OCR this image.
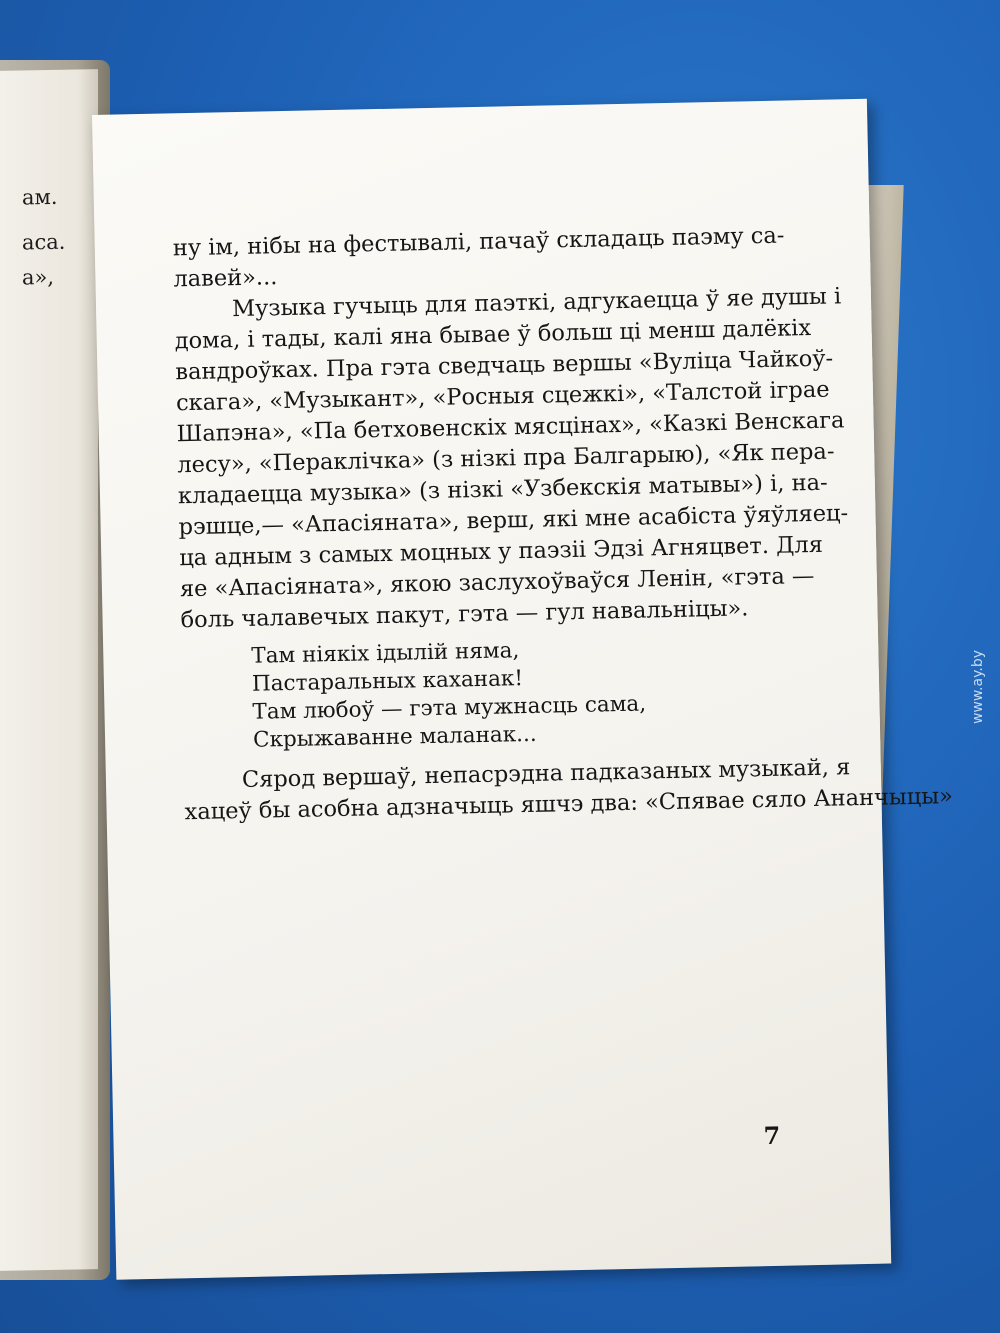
www.ay.by
ам.
аса.
а»,

ну ім, нібы на фестывалі, пачаў складаць паэму са-
лавей»...

Музыка гучыць для паэткі, адгукаецца ў яе душы і
дома, і тады, калі яна бывае ў больш ці менш далёкіх
вандроўках. Пра гэта сведчаць вершы «Вуліца Чайкоў-
скага», «Музыкант», «Росныя сцежкі», «Талстой іграе
Шапэна», «Па бетховенскіх мясцінах», «Казкі Венскага
лесу», «Пераклічка» (з нізкі пра Балгарыю), «Як пера-
кладаецца музыка» (з нізкі «Узбекскія матывы») і, на-
рэшце,— «Апасіяната», верш, які мне асабіста ўяўляец-
ца адным з самых моцных у паэзіі Эдзі Агняцвет. Для
яе «Апасіяната», якою заслухоўваўся Ленін, «гэта —
боль чалавечых пакут, гэта — гул навальніцы».

Там ніякіх ідылій няма,
Пастаральных каханак!
Там любоў — гэта мужнасць сама,
Скрыжаванне маланак...

Сярод вершаў, непасрэдна падказаных музыкай, я
хацеў бы асобна адзначыць яшчэ два: «Спявае сяло Ананчыцы»

7
